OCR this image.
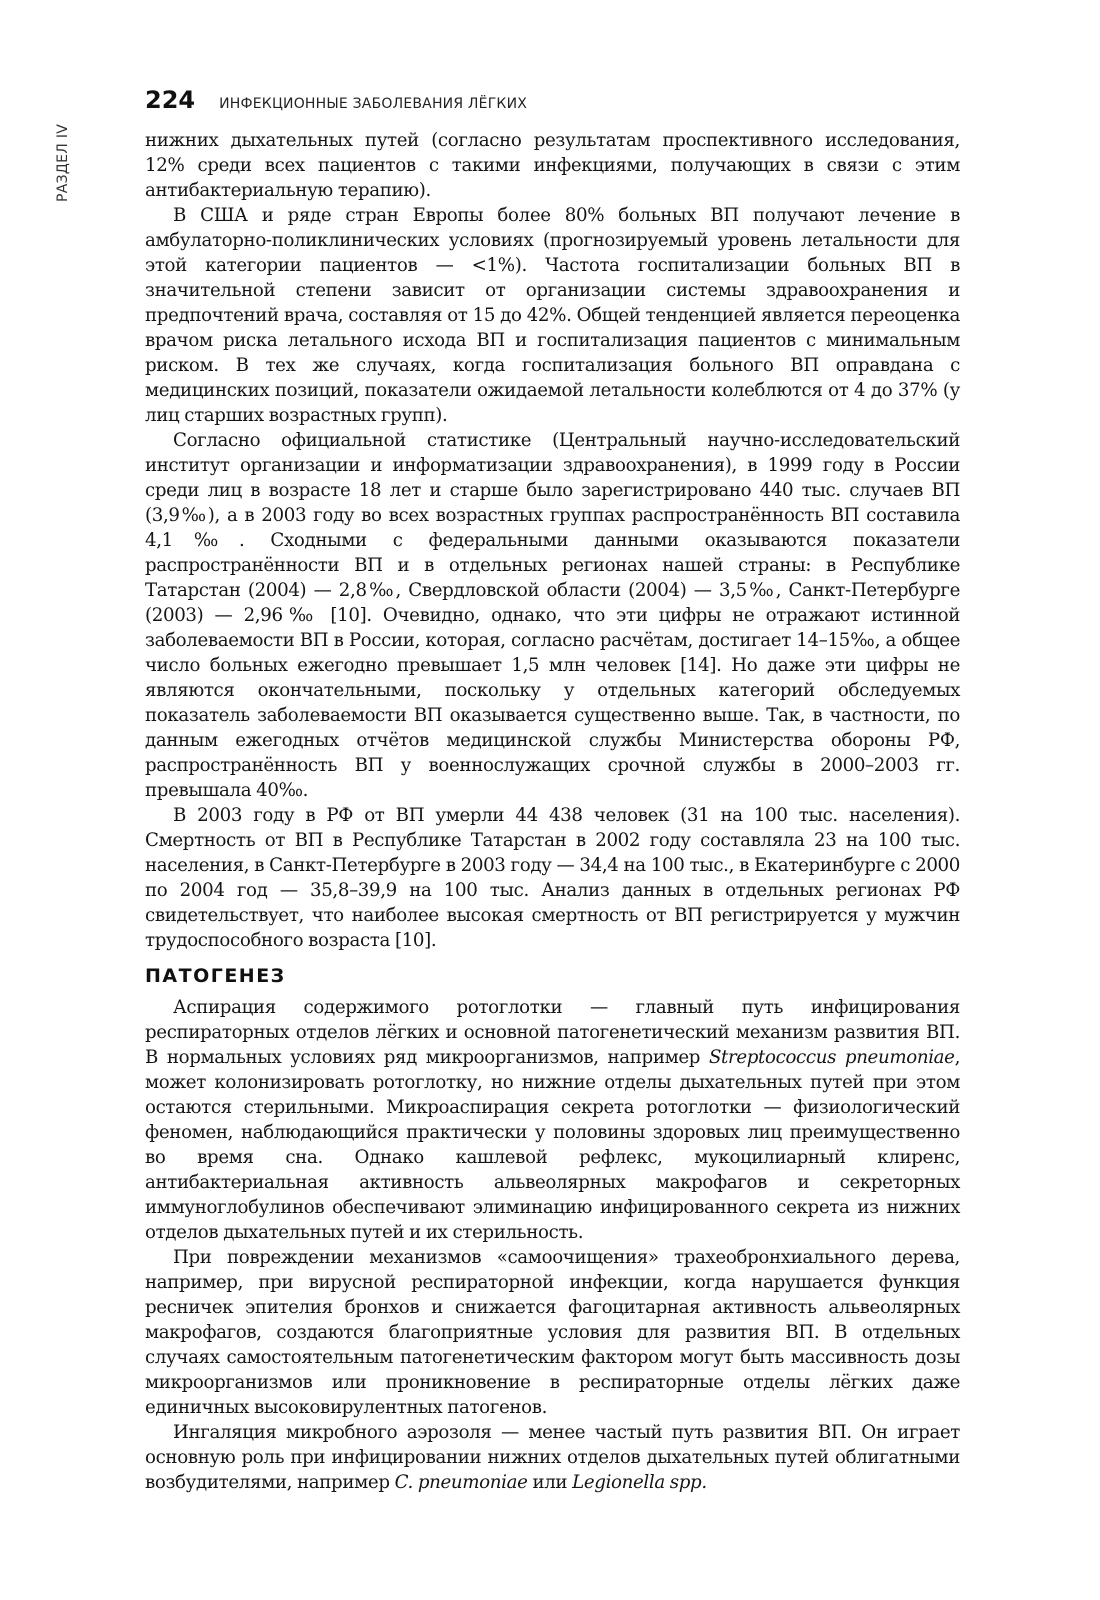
РАЗДЕЛ IV
224 ИНФЕКЦИОННЫЕ ЗАБОЛЕВАНИЯ ЛЁГКИХ

нижних дыхательных путей (согласно результатам проспективного исследования, 12% среди всех пациентов с такими инфекциями, получающих в связи с этим антибактериальную терапию).

В США и ряде стран Европы более 80% больных ВП получают лечение в амбулаторно-поликлинических условиях (прогнозируемый уровень летальности для этой категории пациентов — <1%). Частота госпитализации больных ВП в значительной степени зависит от организации системы здравоохранения и предпочтений врача, составляя от 15 до 42%. Общей тенденцией является переоценка врачом риска летального исхода ВП и госпитализация пациентов с минимальным риском. В тех же случаях, когда госпитализация больного ВП оправдана с медицинских позиций, показатели ожидаемой летальности колеблются от 4 до 37% (у лиц старших возрастных групп).

Согласно официальной статистике (Центральный научно-исследовательский институт организации и информатизации здравоохранения), в 1999 году в России среди лиц в возрасте 18 лет и старше было зарегистрировано 440 тыс. случаев ВП (3,9‰), а в 2003 году во всех возрастных группах распространённость ВП составила 4,1‰. Сходными с федеральными данными оказываются показатели распространённости ВП и в отдельных регионах нашей страны: в Республике Татарстан (2004) — 2,8‰, Свердловской области (2004) — 3,5‰, Санкт-Петербурге (2003) — 2,96‰ [10]. Очевидно, однако, что эти цифры не отражают истинной заболеваемости ВП в России, которая, согласно расчётам, достигает 14–15‰, а общее число больных ежегодно превышает 1,5 млн человек [14]. Но даже эти цифры не являются окончательными, поскольку у отдельных категорий обследуемых показатель заболеваемости ВП оказывается существенно выше. Так, в частности, по данным ежегодных отчётов медицинской службы Министерства обороны РФ, распространённость ВП у военнослужащих срочной службы в 2000–2003 гг. превышала 40‰.

В 2003 году в РФ от ВП умерли 44 438 человек (31 на 100 тыс. населения). Смертность от ВП в Республике Татарстан в 2002 году составляла 23 на 100 тыс. населения, в Санкт-Петербурге в 2003 году — 34,4 на 100 тыс., в Екатеринбурге с 2000 по 2004 год — 35,8–39,9 на 100 тыс. Анализ данных в отдельных регионах РФ свидетельствует, что наиболее высокая смертность от ВП регистрируется у мужчин трудоспособного возраста [10].

ПАТОГЕНЕЗ

Аспирация содержимого ротоглотки — главный путь инфицирования респираторных отделов лёгких и основной патогенетический механизм развития ВП. В нормальных условиях ряд микроорганизмов, например Streptococcus pneumoniae, может колонизировать ротоглотку, но нижние отделы дыхательных путей при этом остаются стерильными. Микроаспирация секрета ротоглотки — физиологический феномен, наблюдающийся практически у половины здоровых лиц преимущественно во время сна. Однако кашлевой рефлекс, мукоцилиарный клиренс, антибактериальная активность альвеолярных макрофагов и секреторных иммуноглобулинов обеспечивают элиминацию инфицированного секрета из нижних отделов дыхательных путей и их стерильность.

При повреждении механизмов «самоочищения» трахеобронхиального дерева, например, при вирусной респираторной инфекции, когда нарушается функция ресничек эпителия бронхов и снижается фагоцитарная активность альвеолярных макрофагов, создаются благоприятные условия для развития ВП. В отдельных случаях самостоятельным патогенетическим фактором могут быть массивность дозы микроорганизмов или проникновение в респираторные отделы лёгких даже единичных высоковирулентных патогенов.

Ингаляция микробного аэрозоля — менее частый путь развития ВП. Он играет основную роль при инфицировании нижних отделов дыхательных путей облигатными возбудителями, например C. pneumoniae или Legionella spp.
